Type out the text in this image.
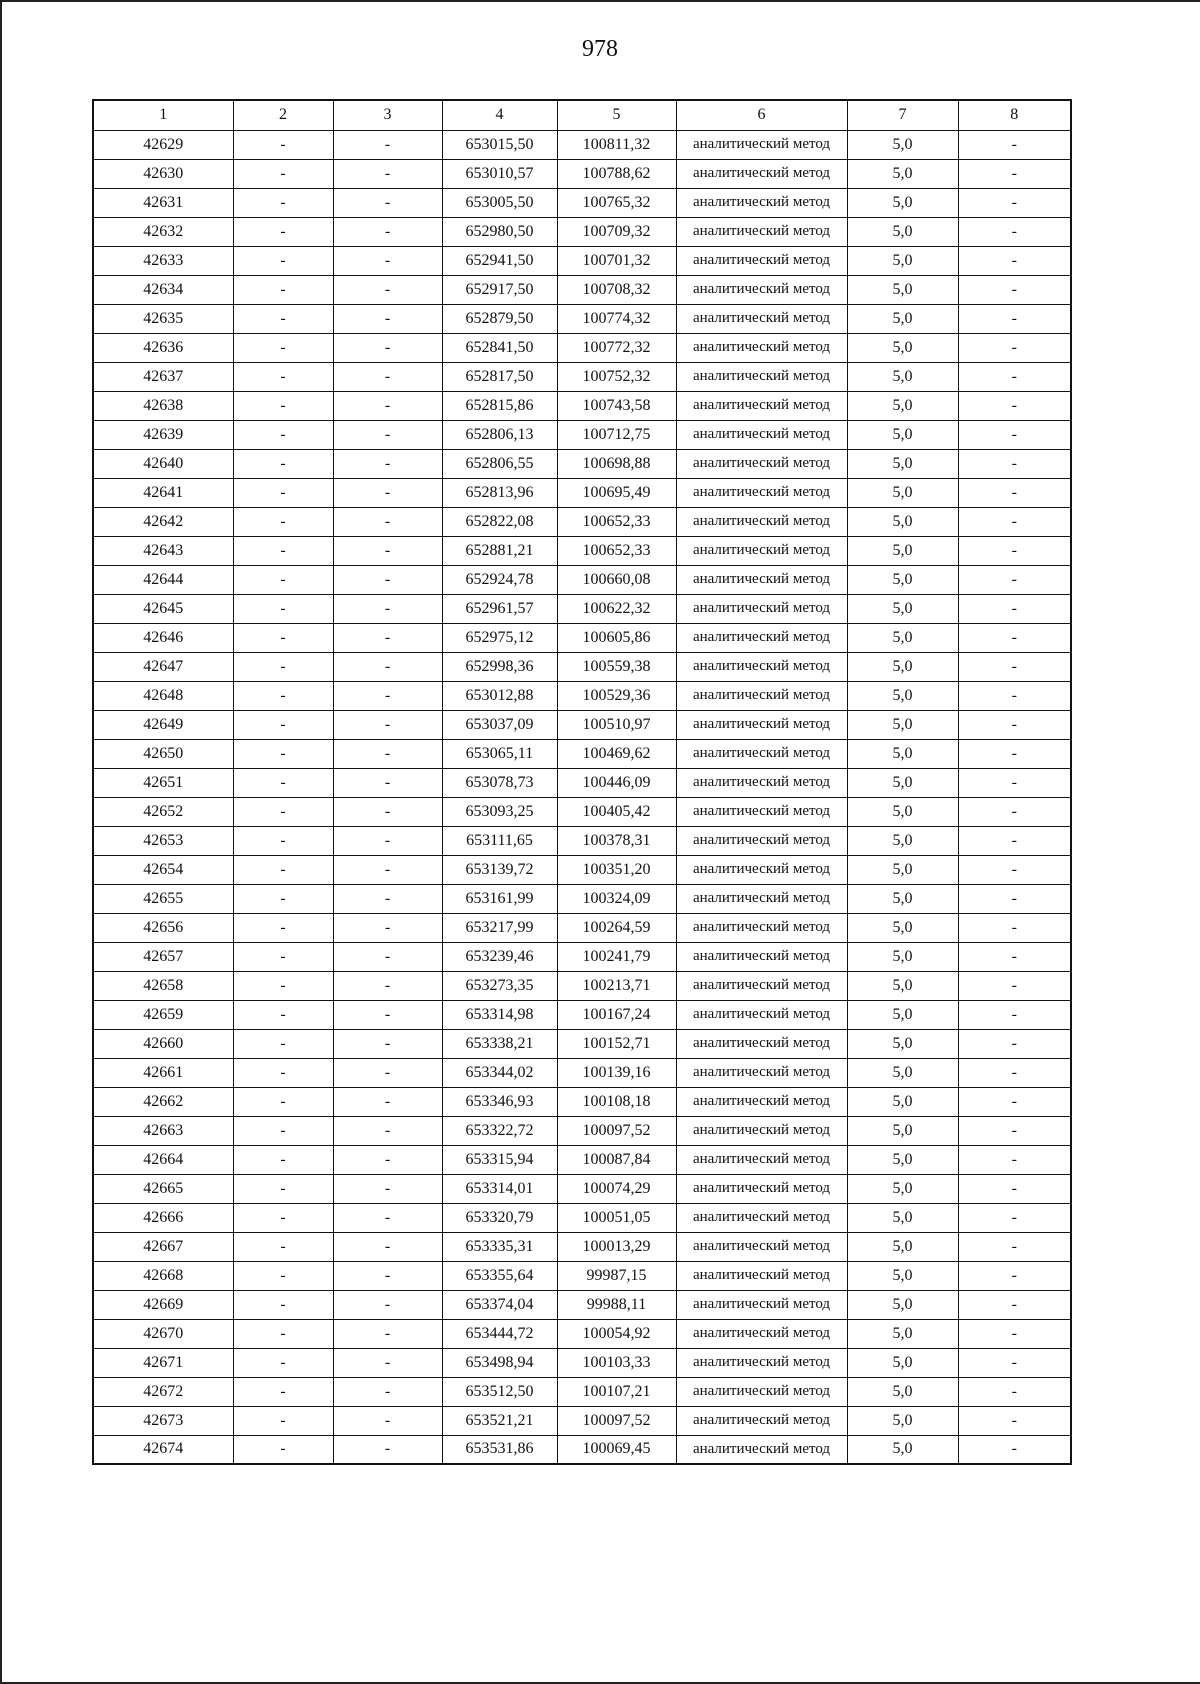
978
1	2	3	4	5	6	7	8
42629	-	-	653015,50	100811,32	аналитический метод	5,0	-
42630	-	-	653010,57	100788,62	аналитический метод	5,0	-
42631	-	-	653005,50	100765,32	аналитический метод	5,0	-
42632	-	-	652980,50	100709,32	аналитический метод	5,0	-
42633	-	-	652941,50	100701,32	аналитический метод	5,0	-
42634	-	-	652917,50	100708,32	аналитический метод	5,0	-
42635	-	-	652879,50	100774,32	аналитический метод	5,0	-
42636	-	-	652841,50	100772,32	аналитический метод	5,0	-
42637	-	-	652817,50	100752,32	аналитический метод	5,0	-
42638	-	-	652815,86	100743,58	аналитический метод	5,0	-
42639	-	-	652806,13	100712,75	аналитический метод	5,0	-
42640	-	-	652806,55	100698,88	аналитический метод	5,0	-
42641	-	-	652813,96	100695,49	аналитический метод	5,0	-
42642	-	-	652822,08	100652,33	аналитический метод	5,0	-
42643	-	-	652881,21	100652,33	аналитический метод	5,0	-
42644	-	-	652924,78	100660,08	аналитический метод	5,0	-
42645	-	-	652961,57	100622,32	аналитический метод	5,0	-
42646	-	-	652975,12	100605,86	аналитический метод	5,0	-
42647	-	-	652998,36	100559,38	аналитический метод	5,0	-
42648	-	-	653012,88	100529,36	аналитический метод	5,0	-
42649	-	-	653037,09	100510,97	аналитический метод	5,0	-
42650	-	-	653065,11	100469,62	аналитический метод	5,0	-
42651	-	-	653078,73	100446,09	аналитический метод	5,0	-
42652	-	-	653093,25	100405,42	аналитический метод	5,0	-
42653	-	-	653111,65	100378,31	аналитический метод	5,0	-
42654	-	-	653139,72	100351,20	аналитический метод	5,0	-
42655	-	-	653161,99	100324,09	аналитический метод	5,0	-
42656	-	-	653217,99	100264,59	аналитический метод	5,0	-
42657	-	-	653239,46	100241,79	аналитический метод	5,0	-
42658	-	-	653273,35	100213,71	аналитический метод	5,0	-
42659	-	-	653314,98	100167,24	аналитический метод	5,0	-
42660	-	-	653338,21	100152,71	аналитический метод	5,0	-
42661	-	-	653344,02	100139,16	аналитический метод	5,0	-
42662	-	-	653346,93	100108,18	аналитический метод	5,0	-
42663	-	-	653322,72	100097,52	аналитический метод	5,0	-
42664	-	-	653315,94	100087,84	аналитический метод	5,0	-
42665	-	-	653314,01	100074,29	аналитический метод	5,0	-
42666	-	-	653320,79	100051,05	аналитический метод	5,0	-
42667	-	-	653335,31	100013,29	аналитический метод	5,0	-
42668	-	-	653355,64	99987,15	аналитический метод	5,0	-
42669	-	-	653374,04	99988,11	аналитический метод	5,0	-
42670	-	-	653444,72	100054,92	аналитический метод	5,0	-
42671	-	-	653498,94	100103,33	аналитический метод	5,0	-
42672	-	-	653512,50	100107,21	аналитический метод	5,0	-
42673	-	-	653521,21	100097,52	аналитический метод	5,0	-
42674	-	-	653531,86	100069,45	аналитический метод	5,0	-
